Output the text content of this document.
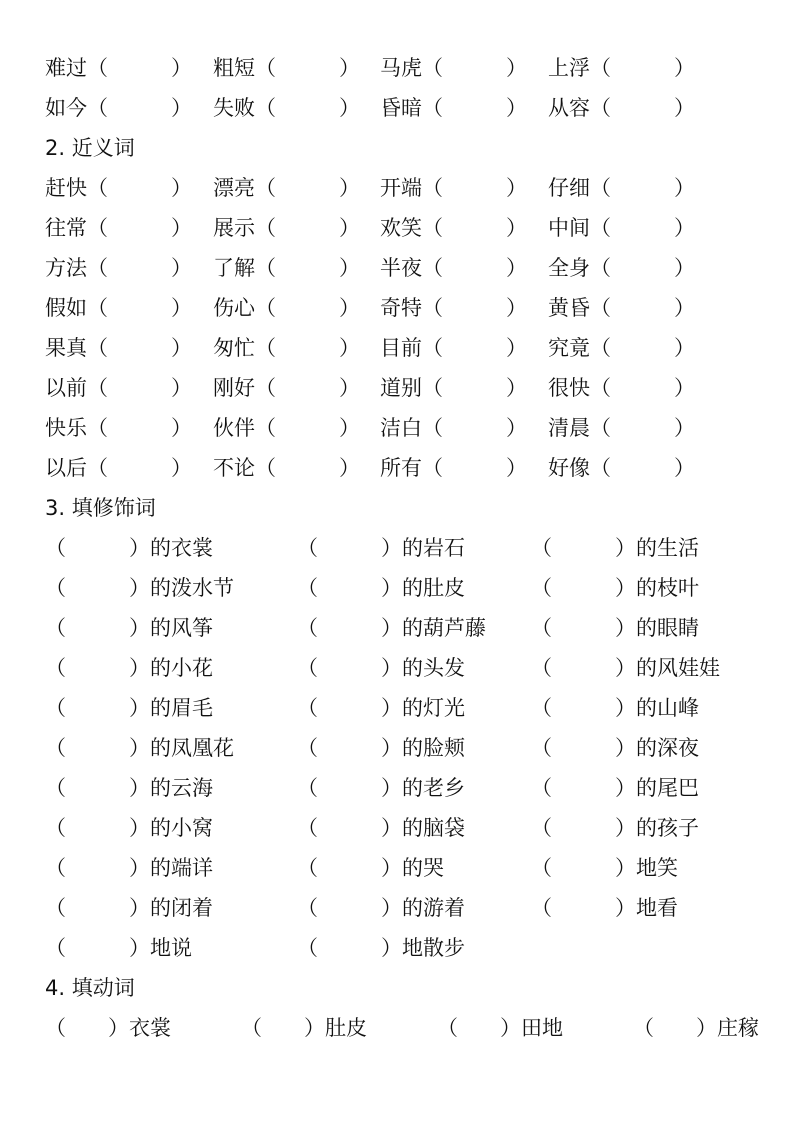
难过（　　　） 粗短（　　　） 马虎（　　　） 上浮（　　　）
如今（　　　） 失败（　　　） 昏暗（　　　） 从容（　　　）
2. 近义词
赶快（　　　） 漂亮（　　　） 开端（　　　） 仔细（　　　）
往常（　　　） 展示（　　　） 欢笑（　　　） 中间（　　　）
方法（　　　） 了解（　　　） 半夜（　　　） 全身（　　　）
假如（　　　） 伤心（　　　） 奇特（　　　） 黄昏（　　　）
果真（　　　） 匆忙（　　　） 目前（　　　） 究竟（　　　）
以前（　　　） 刚好（　　　） 道别（　　　） 很快（　　　）
快乐（　　　） 伙伴（　　　） 洁白（　　　） 清晨（　　　）
以后（　　　） 不论（　　　） 所有（　　　） 好像（　　　）
3. 填修饰词
（　　　）的衣裳	（　　　）的岩石	（　　　）的生活
（　　　）的泼水节	（　　　）的肚皮	（　　　）的枝叶
（　　　）的风筝	（　　　）的葫芦藤 （　　　）的眼睛
（　　　）的小花	（　　　）的头发	（　　　）的风娃娃
（　　　）的眉毛	（　　　）的灯光	（　　　）的山峰
（　　　）的凤凰花	（　　　）的脸颊	（　　　）的深夜
（　　　）的云海	（　　　）的老乡	（　　　）的尾巴
（　　　）的小窝	（　　　）的脑袋	（　　　）的孩子
（　　　）的端详	（　　　）的哭	（　　　）地笑
（　　　）的闭着	（　　　）的游着	（　　　）地看
（　　　）地说	（　　　）地散步
4. 填动词
（　　）衣裳	（　　）肚皮	（　　）田地	（　　）庄稼
